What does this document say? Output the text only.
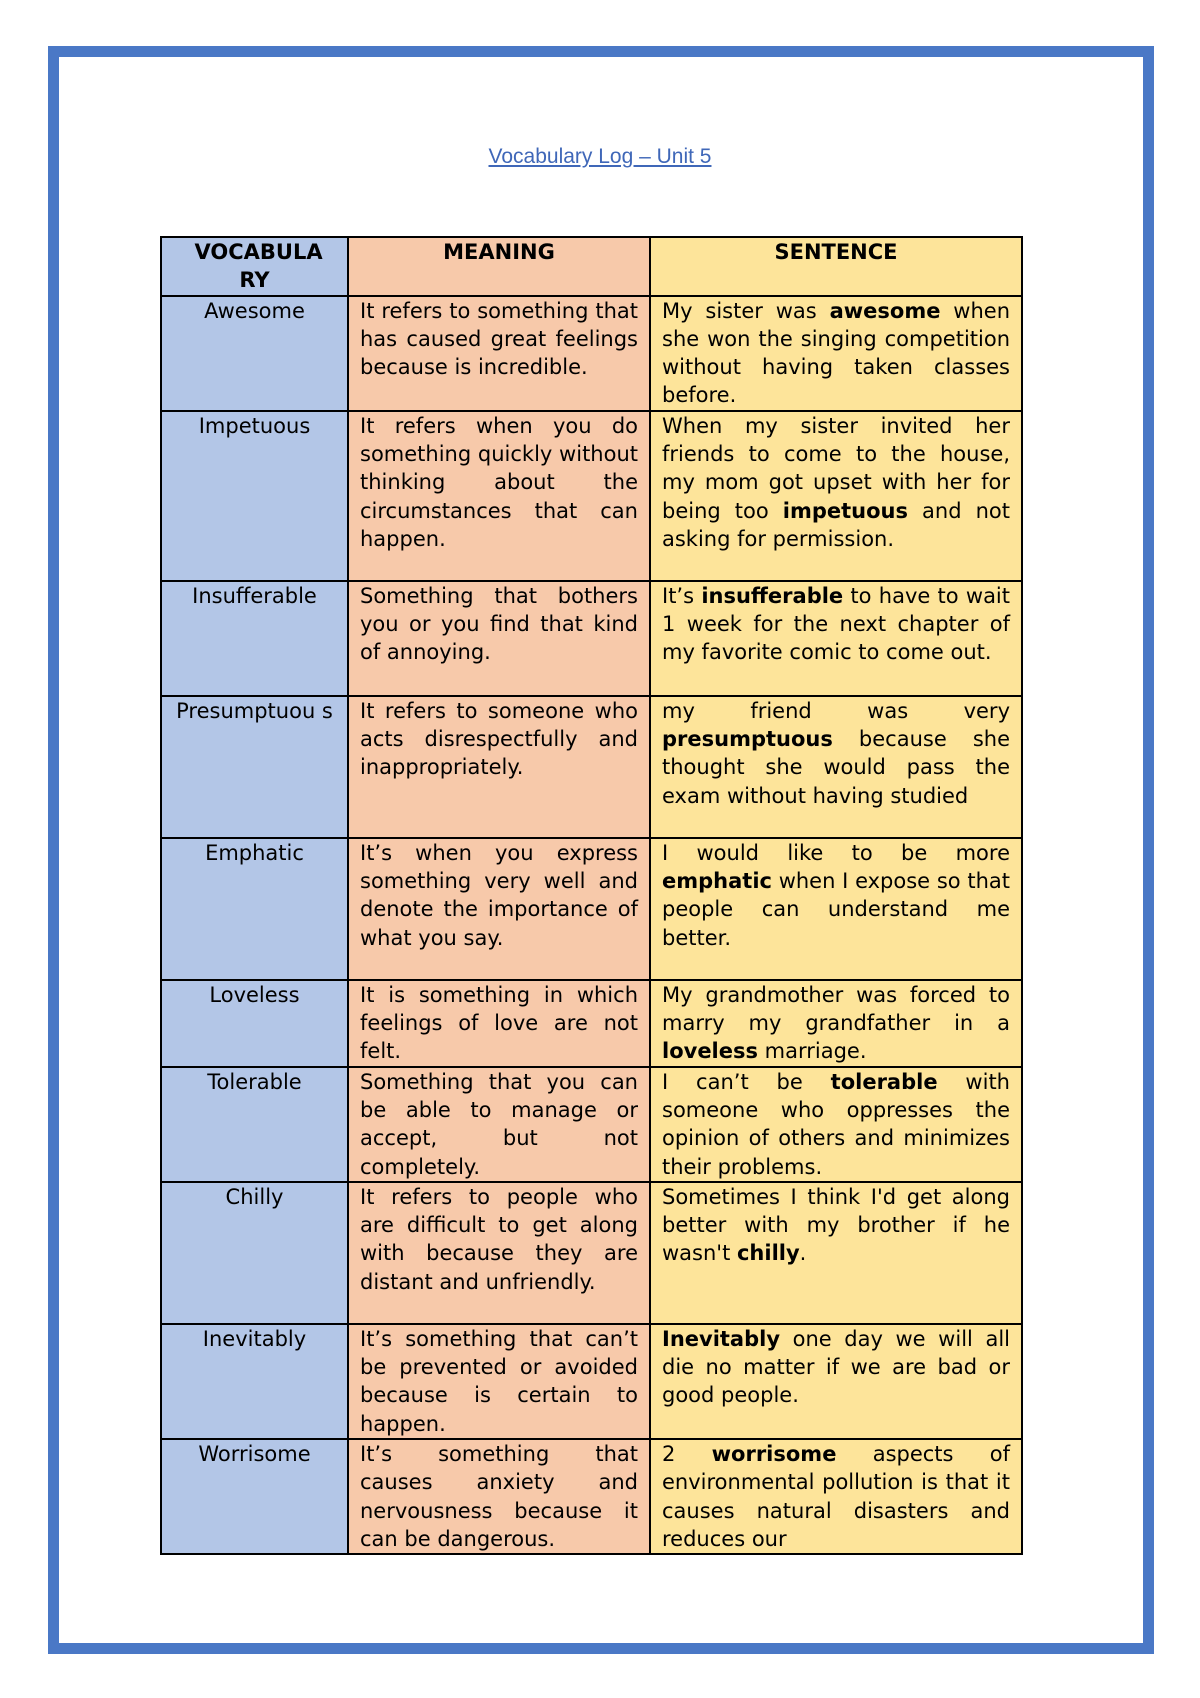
Vocabulary Log – Unit 5
VOCABULA RY	MEANING	SENTENCE
Awesome	It refers to something that has caused great feelings because is incredible.	My sister was awesome when she won the singing competition without having taken classes before.
Impetuous	It refers when you do something quickly without thinking about the circumstances that can happen.	When my sister invited her friends to come to the house, my mom got upset with her for being too impetuous and not asking for permission.
Insufferable	Something that bothers you or you find that kind of annoying.	It’s insufferable to have to wait 1 week for the next chapter of my favorite comic to come out.
Presumptuou s	It refers to someone who acts disrespectfully and inappropriately.	my friend was very presumptuous because she thought she would pass the exam without having studied
Emphatic	It’s when you express something very well and denote the importance of what you say.	I would like to be more emphatic when I expose so that people can understand me better.
Loveless	It is something in which feelings of love are not felt.	My grandmother was forced to marry my grandfather in a loveless marriage.
Tolerable	Something that you can be able to manage or accept, but not completely.	I can’t be tolerable with someone who oppresses the opinion of others and minimizes their problems.
Chilly	It refers to people who are difficult to get along with because they are distant and unfriendly.	Sometimes I think I'd get along better with my brother if he wasn't chilly.
Inevitably	It’s something that can’t be prevented or avoided because is certain to happen.	Inevitably one day we will all die no matter if we are bad or good people.
Worrisome	It’s something that causes anxiety and nervousness because it can be dangerous.	2 worrisome aspects of environmental pollution is that it causes natural disasters and reduces our
